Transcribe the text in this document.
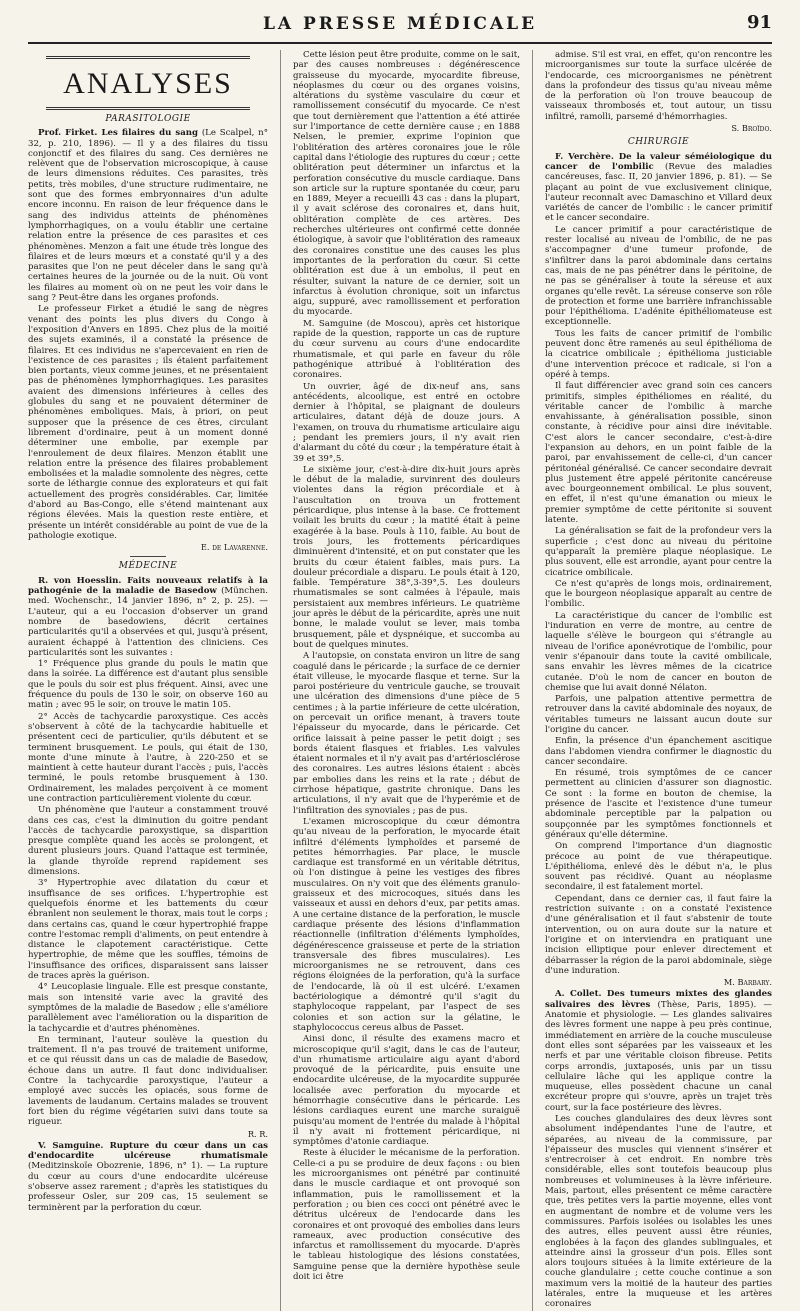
LA PRESSE MÉDICALE	91
ANALYSES
PARASITOLOGIE

Prof. Firket. Les filaires du sang (Le Scalpel, n° 32, p. 210, 1896). — Il y a des filaires du tissu conjonctif et des filaires du sang. Ces dernières ne relèvent que de l'observation microscopique, à cause de leurs dimensions réduites. Ces parasites, très petits, très mobiles, d'une structure rudimentaire, ne sont que des formes embryonnaires d'un adulte encore inconnu. En raison de leur fréquence dans le sang des individus atteints de phénomènes lymphorrhagiques, on a voulu établir une certaine relation entre la présence de ces parasites et ces phénomènes. Menzon a fait une étude très longue des filaires et de leurs mœurs et a constaté qu'il y a des parasites que l'on ne peut déceler dans le sang qu'à certaines heures de la journée ou de la nuit. Où vont les filaires au moment où on ne peut les voir dans le sang ? Peut-être dans les organes profonds.

Le professeur Firket a étudié le sang de nègres venant des points les plus divers du Congo à l'exposition d'Anvers en 1895. Chez plus de la moitié des sujets examinés, il a constaté la présence de filaires. Et ces individus ne s'apercevaient en rien de l'existence de ces parasites ; ils étaient parfaitement bien portants, vieux comme jeunes, et ne présentaient pas de phénomènes lymphorrhagiques. Les parasites avaient des dimensions inférieures à celles des globules du sang et ne pouvaient déterminer de phénomènes emboliques. Mais, à priori, on peut supposer que la présence de ces êtres, circulant librement d'ordinaire, peut à un moment donné déterminer une embolie, par exemple par l'enroulement de deux filaires. Menzon établit une relation entre la présence des filaires probablement embolisées et la maladie somnolente des nègres, cette sorte de léthargie connue des explorateurs et qui fait actuellement des progrès considérables. Car, limitée d'abord au Bas-Congo, elle s'étend maintenant aux régions élevées. Mais la question reste entière, et présente un intérêt considérable au point de vue de la pathologie exotique.

E. de Lavarenne.
MÉDECINE

R. von Hoesslin. Faits nouveaux relatifs à la pathogénie de la maladie de Basedow (München. med. Wochenschr., 14 janvier 1896, n° 2, p. 25). — L'auteur, qui a eu l'occasion d'observer un grand nombre de basedowiens, décrit certaines particularités qu'il a observées et qui, jusqu'à présent, auraient échappé à l'attention des cliniciens. Ces particularités sont les suivantes :

1° Fréquence plus grande du pouls le matin que dans la soirée. La différence est d'autant plus sensible que le pouls du soir est plus fréquent. Ainsi, avec une fréquence du pouls de 130 le soir, on observe 160 au matin ; avec 95 le soir, on trouve le matin 105.

2° Accès de tachycardie paroxystique. Ces accès s'observent à côté de la tachycardie habituelle et présentent ceci de particulier, qu'ils débutent et se terminent brusquement. Le pouls, qui était de 130, monte d'une minute à l'autre, à 220-250 et se maintient à cette hauteur durant l'accès ; puis, l'accès terminé, le pouls retombe brusquement à 130. Ordinairement, les malades perçoivent à ce moment une contraction particulièrement violente du cœur.

Un phénomène que l'auteur a constamment trouvé dans ces cas, c'est la diminution du goitre pendant l'accès de tachycardie paroxystique, sa disparition presque complète quand les accès se prolongent, et durent plusieurs jours. Quand l'attaque est terminée, la glande thyroïde reprend rapidement ses dimensions.

3° Hypertrophie avec dilatation du cœur et insuffisance de ses orifices. L'hypertrophie est quelquefois énorme et les battements du cœur ébranlent non seulement le thorax, mais tout le corps ; dans certains cas, quand le cœur hypertrophié frappe contre l'estomac rempli d'aliments, on peut entendre à distance le clapotement caractéristique. Cette hypertrophie, de même que les souffles, témoins de l'insuffisance des orifices, disparaissent sans laisser de traces après la guérison.

4° Leucoplasie linguale. Elle est presque constante, mais son intensité varie avec la gravité des symptômes de la maladie de Basedow ; elle s'améliore parallèlement avec l'amélioration ou la disparition de la tachycardie et d'autres phénomènes.

En terminant, l'auteur soulève la question du traitement. Il n'a pas trouvé de traitement uniforme, et ce qui réussit dans un cas de maladie de Basedow, échoue dans un autre. Il faut donc individualiser. Contre la tachycardie paroxystique, l'auteur a employé avec succès les opiacés, sous forme de lavements de laudanum. Certains malades se trouvent fort bien du régime végétarien suivi dans toute sa rigueur.

R. R.

V. Samguine. Rupture du cœur dans un cas d'endocardite ulcéreuse rhumatismale (Meditzinskoïe Obozrenie, 1896, n° 1). — La rupture du cœur au cours d'une endocardite ulcéreuse s'observe assez rarement ; d'après les statistiques du professeur Osler, sur 209 cas, 15 seulement se terminèrent par la perforation du cœur.

Cette lésion peut être produite, comme on le sait, par des causes nombreuses : dégénérescence graisseuse du myocarde, myocardite fibreuse, néoplasmes du cœur ou des organes voisins, altérations du système vasculaire du cœur et ramollissement consécutif du myocarde. Ce n'est que tout dernièrement que l'attention a été attirée sur l'importance de cette dernière cause ; en 1888 Nelsen, le premier, exprime l'opinion que l'oblitération des artères coronaires joue le rôle capital dans l'étiologie des ruptures du cœur ; cette oblitération peut déterminer un infarctus et la perforation consécutive du muscle cardiaque. Dans son article sur la rupture spontanée du cœur, paru en 1889, Meyer a recueilli 43 cas : dans la plupart, il y avait sclérose des coronaires et, dans huit, oblitération complète de ces artères. Des recherches ultérieures ont confirmé cette donnée étiologique, à savoir que l'oblitération des rameaux des coronaires constitue une des causes les plus importantes de la perforation du cœur. Si cette oblitération est due à un embolus, il peut en résulter, suivant la nature de ce dernier, soit un infarctus à évolution chronique, soit un infarctus aigu, suppuré, avec ramollissement et perforation du myocarde.

M. Samguine (de Moscou), après cet historique rapide de la question, rapporte un cas de rupture du cœur survenu au cours d'une endocardite rhumatismale, et qui parle en faveur du rôle pathogénique attribué à l'oblitération des coronaires.

Un ouvrier, âgé de dix-neuf ans, sans antécédents, alcoolique, est entré en octobre dernier à l'hôpital, se plaignant de douleurs articulaires, datant déjà de douze jours. A l'examen, on trouva du rhumatisme articulaire aigu ; pendant les premiers jours, il n'y avait rien d'alarmant du côté du cœur ; la température était à 39 et 39°,5.

Le sixième jour, c'est-à-dire dix-huit jours après le début de la maladie, survinrent des douleurs violentes dans la région précordiale et à l'auscultation on trouva un frottement péricardique, plus intense à la base. Ce frottement voilait les bruits du cœur ; la matité était à peine exagérée à la base. Pouls à 110, faible. Au bout de trois jours, les frottements péricardiques diminuèrent d'intensité, et on put constater que les bruits du cœur étaient faibles, mais purs. La douleur précordiale a disparu. Le pouls était à 120, faible. Température 38°,3-39°,5. Les douleurs rhumatismales se sont calmées à l'épaule, mais persistaient aux membres inférieurs. Le quatrième jour après le début de la péricardite, après une nuit bonne, le malade voulut se lever, mais tomba brusquement, pâle et dyspnéique, et succomba au bout de quelques minutes.

A l'autopsie, on constata environ un litre de sang coagulé dans le péricarde ; la surface de ce dernier était villeuse, le myocarde flasque et terne. Sur la paroi postérieure du ventricule gauche, se trouvait une ulcération des dimensions d'une pièce de 5 centimes ; à la partie inférieure de cette ulcération, on percevait un orifice menant, à travers toute l'épaisseur du myocarde, dans le péricarde. Cet orifice laissait à peine passer le petit doigt ; ses bords étaient flasques et friables. Les valvules étaient normales et il n'y avait pas d'artériosclérose des coronaires. Les autres lésions étaient : abcès par embolies dans les reins et la rate ; début de cirrhose hépatique, gastrite chronique. Dans les articulations, il n'y avait que de l'hyperémie et de l'infiltration des synoviales ; pas de pus.

L'examen microscopique du cœur démontra qu'au niveau de la perforation, le myocarde était infiltré d'éléments lymphoïdes et parsemé de petites hémorrhagies. Par place, le muscle cardiaque est transformé en un véritable détritus, où l'on distingue à peine les vestiges des fibres musculaires. On n'y voit que des éléments granulo-graisseux et des microcoques, situés dans les vaisseaux et aussi en dehors d'eux, par petits amas. A une certaine distance de la perforation, le muscle cardiaque présente des lésions d'inflammation réactionnelle (infiltration d'éléments lymphoïdes, dégénérescence graisseuse et perte de la striation transversale des fibres musculaires). Les microorganismes ne se retrouvent, dans ces régions éloignées de la perforation, qu'à la surface de l'endocarde, là où il est ulcéré. L'examen bactériologique a démontré qu'il s'agit du staphylocoque rappelant, par l'aspect de ses colonies et son action sur la gélatine, le staphylococcus cereus albus de Passet.

Ainsi donc, il résulte des examens macro et microscopique qu'il s'agit, dans le cas de l'auteur, d'un rhumatisme articulaire aigu ayant d'abord provoqué de la péricardite, puis ensuite une endocardite ulcéreuse, de la myocardite suppurée localisée avec perforation du myocarde et hémorrhagie consécutive dans le péricarde. Les lésions cardiaques eurent une marche suraiguë puisqu'au moment de l'entrée du malade à l'hôpital il n'y avait ni frottement péricardique, ni symptômes d'atonie cardiaque.

Reste à élucider le mécanisme de la perforation. Celle-ci a pu se produire de deux façons : ou bien les microorganismes ont pénétré par continuité dans le muscle cardiaque et ont provoqué son inflammation, puis le ramollissement et la perforation ; ou bien ces cocci ont pénétré avec le détritus ulcéreux de l'endocarde dans les coronaires et ont provoqué des embolies dans leurs rameaux, avec production consécutive des infarctus et ramollissement du myocarde. D'après le tableau histologique des lésions constatées, Samguine pense que la dernière hypothèse seule doit ici être

admise. S'il est vrai, en effet, qu'on rencontre les microorganismes sur toute la surface ulcérée de l'endocarde, ces microorganismes ne pénètrent dans la profondeur des tissus qu'au niveau même de la perforation où l'on trouve beaucoup de vaisseaux thrombosés et, tout autour, un tissu infiltré, ramolli, parsemé d'hémorrhagies.

S. Broïdo.
CHIRURGIE

F. Verchère. De la valeur séméiologique du cancer de l'ombilic (Revue des maladies cancéreuses, fasc. II, 20 janvier 1896, p. 81). — Se plaçant au point de vue exclusivement clinique, l'auteur reconnaît avec Damaschino et Villard deux variétés de cancer de l'ombilic : le cancer primitif et le cancer secondaire.

Le cancer primitif a pour caractéristique de rester localisé au niveau de l'ombilic, de ne pas s'accompagner d'une tumeur profonde, de s'infiltrer dans la paroi abdominale dans certains cas, mais de ne pas pénétrer dans le péritoine, de ne pas se généraliser à toute la séreuse et aux organes qu'elle revêt. La séreuse conserve son rôle de protection et forme une barrière infranchissable pour l'épithélioma. L'adénite épithéliomateuse est exceptionnelle.

Tous les faits de cancer primitif de l'ombilic peuvent donc être ramenés au seul épithélioma de la cicatrice ombilicale ; épithélioma justiciable d'une intervention précoce et radicale, si l'on a opéré à temps.

Il faut différencier avec grand soin ces cancers primitifs, simples épithéliomes en réalité, du véritable cancer de l'ombilic à marche envahissante, à généralisation possible, sinon constante, à récidive pour ainsi dire inévitable. C'est alors le cancer secondaire, c'est-à-dire l'expansion au dehors, en un point faible de la paroi, par envahissement de celle-ci, d'un cancer péritonéal généralisé. Ce cancer secondaire devrait plus justement être appelé péritonite cancéreuse avec bourgeonnement ombilical. Le plus souvent, en effet, il n'est qu'une émanation ou mieux le premier symptôme de cette péritonite si souvent latente.

La généralisation se fait de la profondeur vers la superficie ; c'est donc au niveau du péritoine qu'apparaît la première plaque néoplasique. Le plus souvent, elle est arrondie, ayant pour centre la cicatrice ombilicale.

Ce n'est qu'après de longs mois, ordinairement, que le bourgeon néoplasique apparaît au centre de l'ombilic.

La caractéristique du cancer de l'ombilic est l'induration en verre de montre, au centre de laquelle s'élève le bourgeon qui s'étrangle au niveau de l'orifice aponévrotique de l'ombilic, pour venir s'épanouir dans toute la cavité ombilicale, sans envahir les lèvres mêmes de la cicatrice cutanée. D'où le nom de cancer en bouton de chemise que lui avait donné Nélaton.

Parfois, une palpation attentive permettra de retrouver dans la cavité abdominale des noyaux, de véritables tumeurs ne laissant aucun doute sur l'origine du cancer.

Enfin, la présence d'un épanchement ascitique dans l'abdomen viendra confirmer le diagnostic du cancer secondaire.

En résumé, trois symptômes de ce cancer permettent au clinicien d'assurer son diagnostic. Ce sont : la forme en bouton de chemise, la présence de l'ascite et l'existence d'une tumeur abdominale perceptible par la palpation ou soupçonnée par les symptômes fonctionnels et généraux qu'elle détermine.

On comprend l'importance d'un diagnostic précoce au point de vue thérapeutique. L'épithélioma, enlevé dès le début n'a, le plus souvent pas récidivé. Quant au néoplasme secondaire, il est fatalement mortel.

Cependant, dans ce dernier cas, il faut faire la restriction suivante : on a constaté l'existence d'une généralisation et il faut s'abstenir de toute intervention, ou on aura doute sur la nature et l'origine et on interviendra en pratiquant une incision elliptique pour enlever directement et débarrasser la région de la paroi abdominale, siège d'une induration.

M. Barbary.

A. Collet. Des tumeurs mixtes des glandes salivaires des lèvres (Thèse, Paris, 1895). — Anatomie et physiologie. — Les glandes salivaires des lèvres forment une nappe à peu près continue, immédiatement en arrière de la couche musculeuse dont elles sont séparées par les vaisseaux et les nerfs et par une véritable cloison fibreuse. Petits corps arrondis, juxtaposés, unis par un tissu cellulaire lâche qui les applique contre la muqueuse, elles possèdent chacune un canal excréteur propre qui s'ouvre, après un trajet très court, sur la face postérieure des lèvres.

Les couches glandulaires des deux lèvres sont absolument indépendantes l'une de l'autre, et séparées, au niveau de la commissure, par l'épaisseur des muscles qui viennent s'insérer et s'entrecroiser à cet endroit. En nombre très considérable, elles sont toutefois beaucoup plus nombreuses et volumineuses à la lèvre inférieure. Mais, partout, elles présentent ce même caractère que, très petites vers la partie moyenne, elles vont en augmentant de nombre et de volume vers les commissures. Parfois isolées ou isolables les unes des autres, elles peuvent aussi être réunies, englobées à la façon des glandes sublinguales, et atteindre ainsi la grosseur d'un pois. Elles sont alors toujours situées à la limite extérieure de la couche glandulaire ; cette couche continue a son maximum vers la moitié de la hauteur des parties latérales, entre la muqueuse et les artères coronaires
